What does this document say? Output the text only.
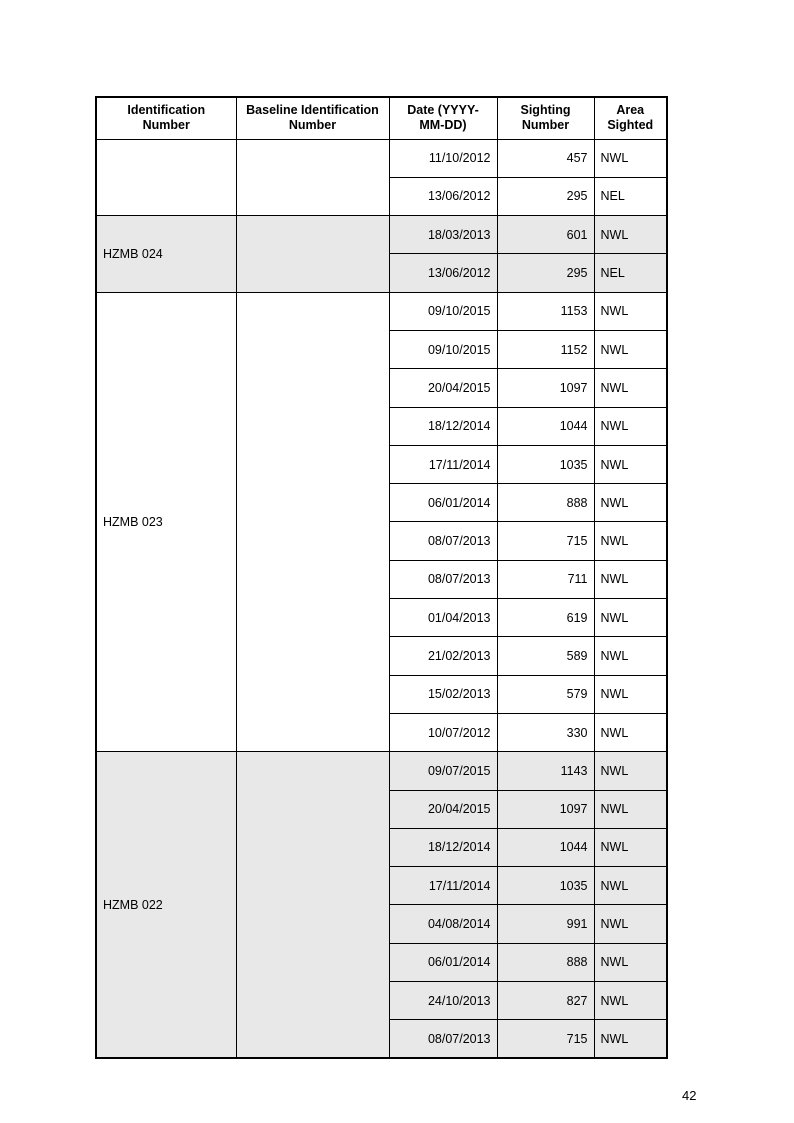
Identification Number	Baseline Identification Number	Date (YYYY-MM-DD)	Sighting Number	Area Sighted
		11/10/2012	457	NWL
		13/06/2012	295	NEL
HZMB 024		18/03/2013	601	NWL
		13/06/2012	295	NEL
HZMB 023		09/10/2015	1153	NWL
		09/10/2015	1152	NWL
		20/04/2015	1097	NWL
		18/12/2014	1044	NWL
		17/11/2014	1035	NWL
		06/01/2014	888	NWL
		08/07/2013	715	NWL
		08/07/2013	711	NWL
		01/04/2013	619	NWL
		21/02/2013	589	NWL
		15/02/2013	579	NWL
		10/07/2012	330	NWL
HZMB 022		09/07/2015	1143	NWL
		20/04/2015	1097	NWL
		18/12/2014	1044	NWL
		17/11/2014	1035	NWL
		04/08/2014	991	NWL
		06/01/2014	888	NWL
		24/10/2013	827	NWL
		08/07/2013	715	NWL
42
